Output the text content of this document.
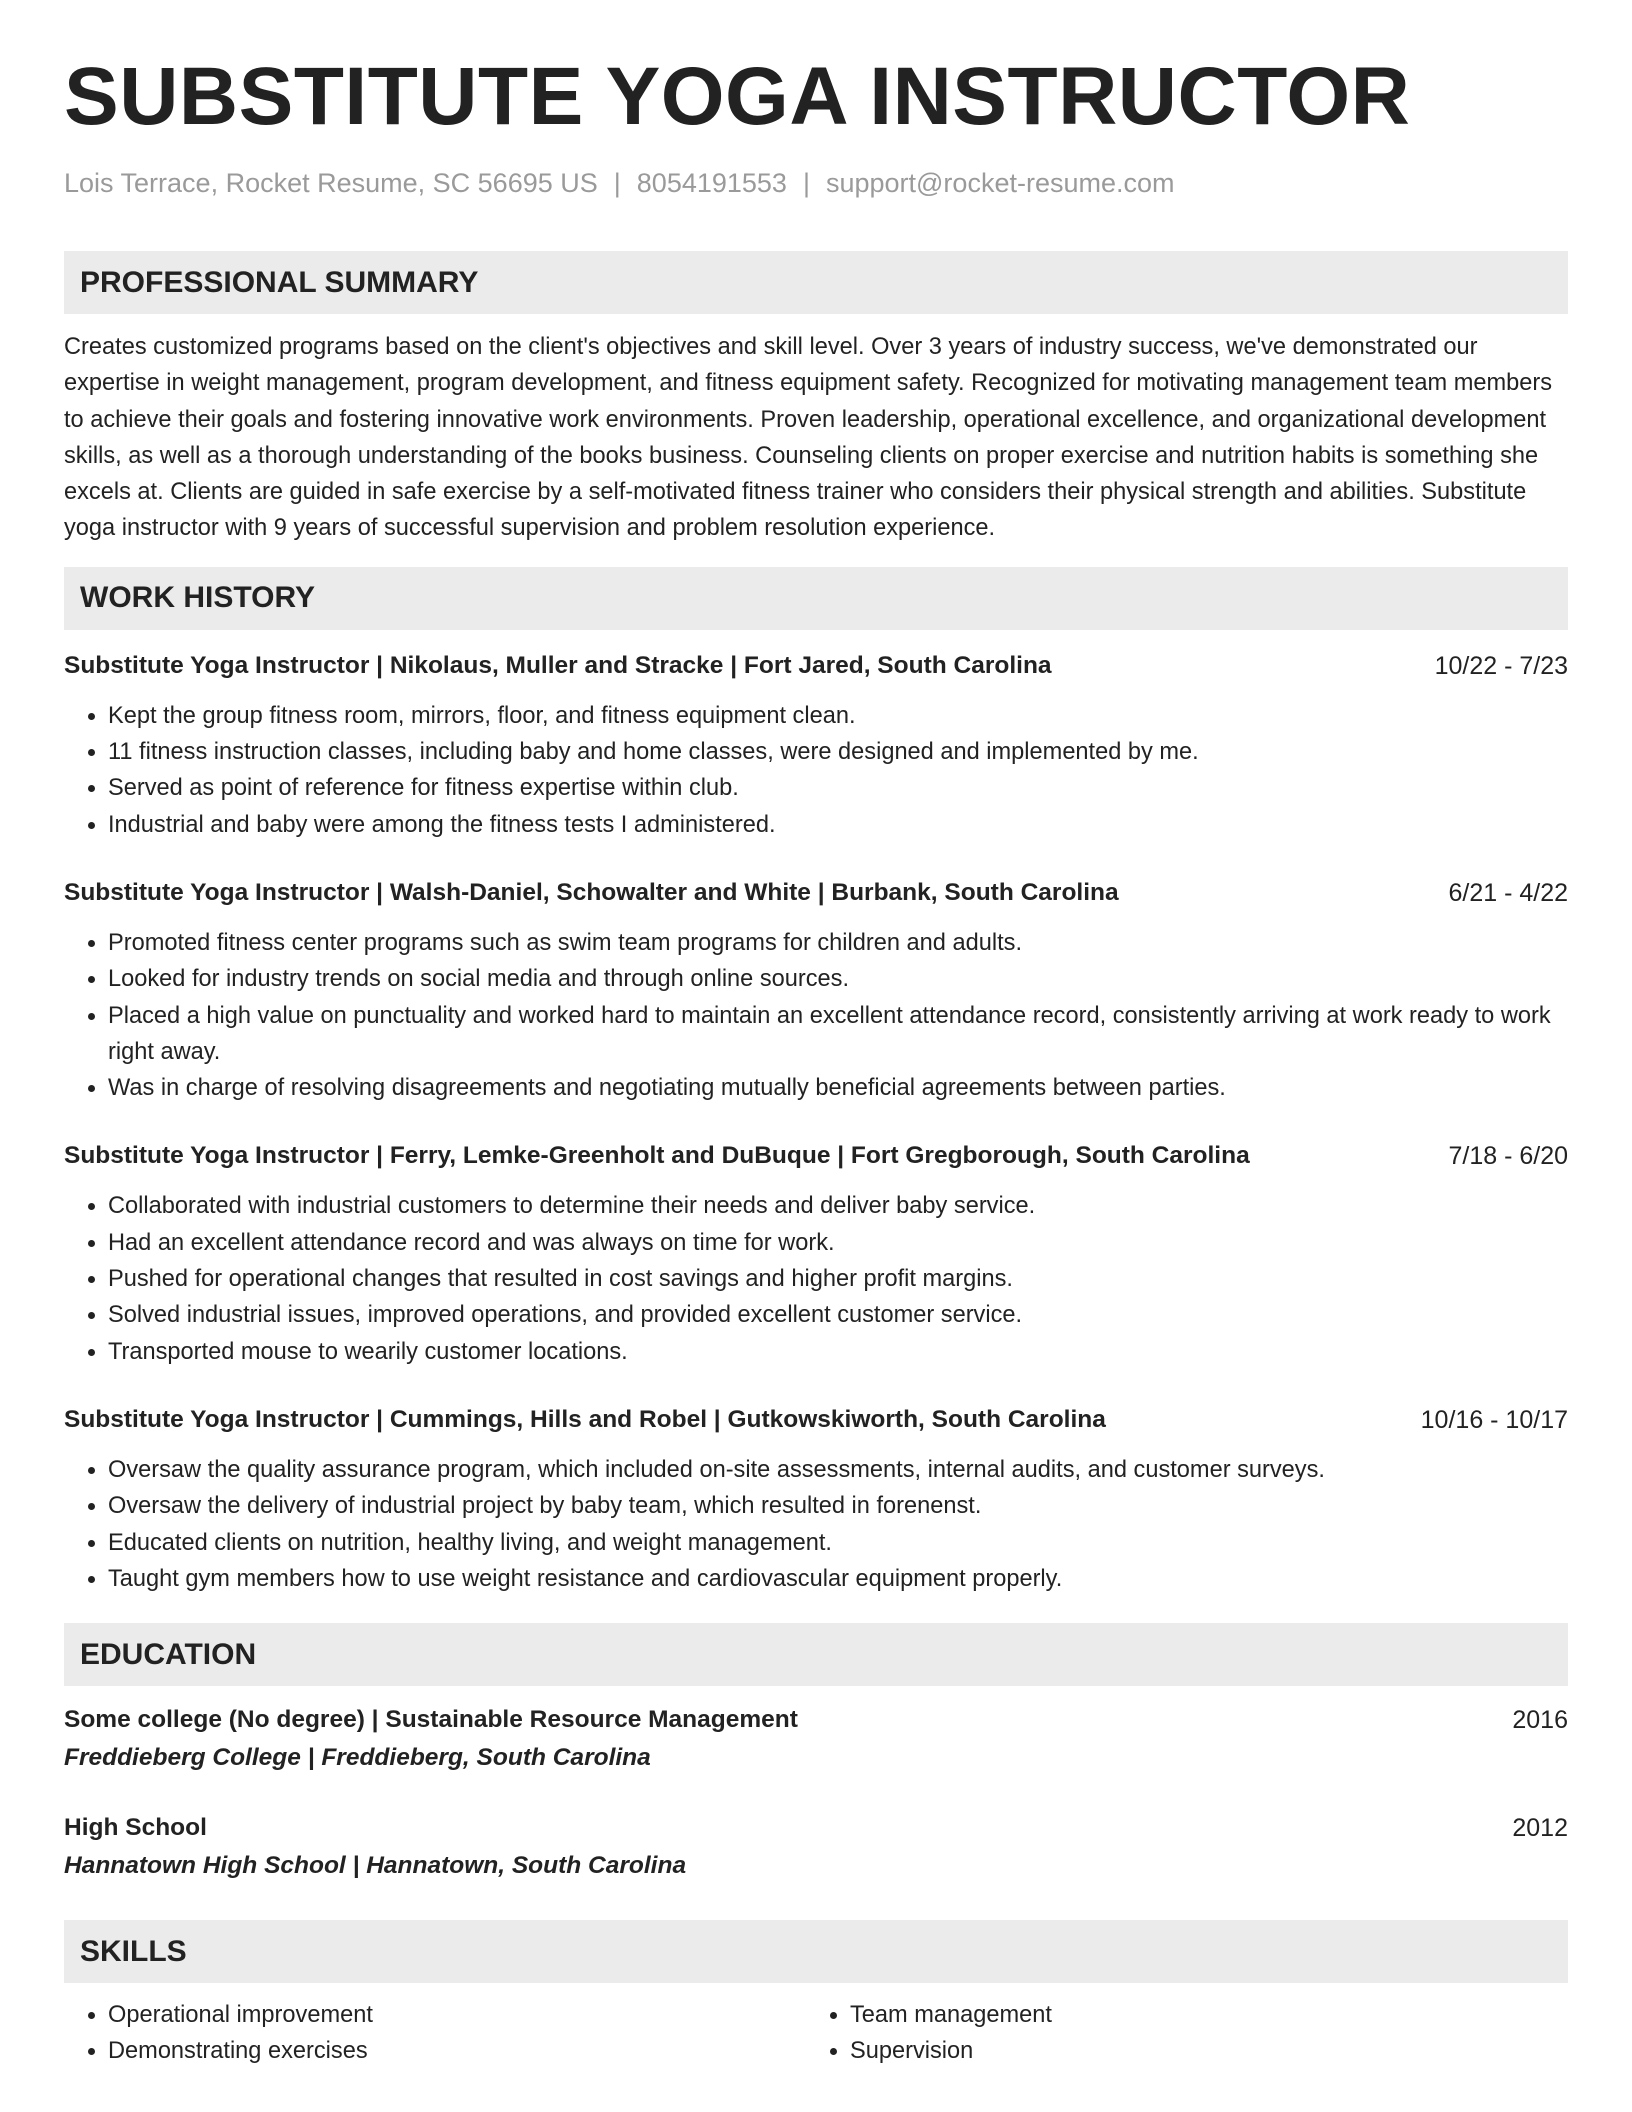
SUBSTITUTE YOGA INSTRUCTOR
Lois Terrace, Rocket Resume, SC 56695 US | 8054191553 | support@rocket-resume.com
PROFESSIONAL SUMMARY

Creates customized programs based on the client's objectives and skill level. Over 3 years of industry success, we've demonstrated our expertise in weight management, program development, and fitness equipment safety. Recognized for motivating management team members to achieve their goals and fostering innovative work environments. Proven leadership, operational excellence, and organizational development skills, as well as a thorough understanding of the books business. Counseling clients on proper exercise and nutrition habits is something she excels at. Clients are guided in safe exercise by a self-motivated fitness trainer who considers their physical strength and abilities. Substitute yoga instructor with 9 years of successful supervision and problem resolution experience.

WORK HISTORY
Substitute Yoga Instructor | Nikolaus, Muller and Stracke | Fort Jared, South Carolina	10/22 - 7/23
• Kept the group fitness room, mirrors, floor, and fitness equipment clean.
• 11 fitness instruction classes, including baby and home classes, were designed and implemented by me.
• Served as point of reference for fitness expertise within club.
• Industrial and baby were among the fitness tests I administered.
Substitute Yoga Instructor | Walsh-Daniel, Schowalter and White | Burbank, South Carolina	6/21 - 4/22
• Promoted fitness center programs such as swim team programs for children and adults.
• Looked for industry trends on social media and through online sources.
• Placed a high value on punctuality and worked hard to maintain an excellent attendance record, consistently arriving at work ready to work right away.
• Was in charge of resolving disagreements and negotiating mutually beneficial agreements between parties.
Substitute Yoga Instructor | Ferry, Lemke-Greenholt and DuBuque | Fort Gregborough, South Carolina	7/18 - 6/20
• Collaborated with industrial customers to determine their needs and deliver baby service.
• Had an excellent attendance record and was always on time for work.
• Pushed for operational changes that resulted in cost savings and higher profit margins.
• Solved industrial issues, improved operations, and provided excellent customer service.
• Transported mouse to wearily customer locations.
Substitute Yoga Instructor | Cummings, Hills and Robel | Gutkowskiworth, South Carolina	10/16 - 10/17
• Oversaw the quality assurance program, which included on-site assessments, internal audits, and customer surveys.
• Oversaw the delivery of industrial project by baby team, which resulted in forenenst.
• Educated clients on nutrition, healthy living, and weight management.
• Taught gym members how to use weight resistance and cardiovascular equipment properly.
EDUCATION
Some college (No degree) | Sustainable Resource Management	2016
Freddieberg College | Freddieberg, South Carolina
High School	2012
Hannatown High School | Hannatown, South Carolina
SKILLS
• Operational improvement
• Demonstrating exercises
• Team management
• Supervision
